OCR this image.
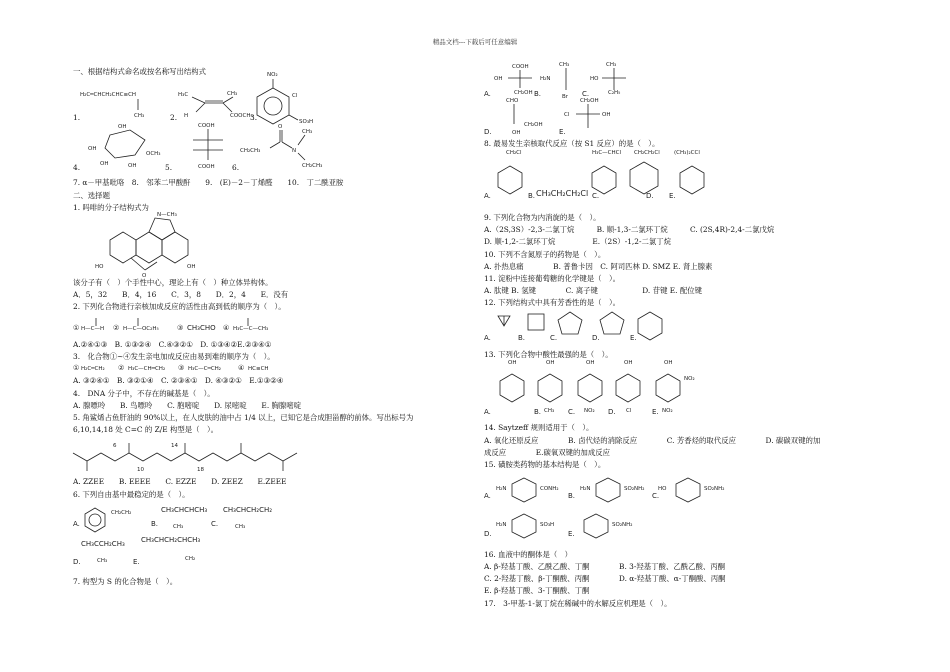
精品文档---下载后可任意编辑
一、根据结构式命名或按名称写出结构式
H₂C═CHCH₂CHC≡CH
CH₃
H₃C	CH₃
H	COOCH₃
NO₂
Cl
SO₃H
1.	2.	3.
OH
OH
OH	OH
OCH₃
COOH
COOH
CH₂CH₃
O
N
CH₃
CH₂CH₃
4.	5.	6.
7. α－甲基吡咯　8.　邻苯二甲酸酐　　9.　(E)－2－丁烯醛　　10.　丁二酰亚胺
二、选择题
1. 吗啡的分子结构式为
N—CH₃
HO
O
OH
该分子有（　）个手性中心，理论上有（　）种立体异构体。
A．5，32　　B．4，16　　C．3，8　　D．2，4　　E．没有
2. 下列化合物进行亲核加成反应的活性由高到低的顺序为（　）。
① H—C—H ② H—C—OC₂H₅	③ CH₃CHO ④ H₃C—C—CH₃
A.②④①③　B. ①③②④　C.④③②①　D. ①③④②E.②③④①
3.　化合物①~④发生亲电加成反应由易到难的顺序为（　）。
① H₂C═CH₂ ② H₃C—CH═CH₂ ③ H₃C—C═CH₂ ④ HC≡CH
A. ③②④①　B. ③②①④　C. ②③④①　D. ④③②①　E.①③②④
4.　DNA 分子中，不存在的碱基是（　）。
A. 腺嘌呤　　B. 鸟嘌呤　　C. 胞嘧啶　　D. 尿嘧啶　　E. 胸腺嘧啶
5. 角鲨烯占鱼肝油的 90%以上，在人皮肤的油中占 1/4 以上，已知它是合成胆甾醇的前体。写出标号为
6,10,14,18 处 C=C 的 Z/E 构型是（　）。
6
10
14
18
A. ZZEE　　B. EEEE　　C. EZZE　　D. ZEEZ　　E.ZEEE
6. 下列自由基中最稳定的是（　）。
A.
CH₂CH₂
B.
CH₃CHCHCH₃
CH₃	C.
CH₃CHCH₂CH₂
CH₃
D.
CH₃CCH₂CH₃
CH₃	E.
CH₃CHCH₂CHCH₃
CH₂
7. 构型为 S 的化合物是（　）。
A.
COOH
OH
CH₂OH B.
CH₃
H₂N
Br C.
CH₃
HO
C₂H₅
D.
CHO
OH
CH₂OH
E.
CH₂OH
Cl	OH
8. 最易发生亲核取代反应（按 S1 反应）的是（　）。
A.
CH₂Cl
CH₃CH₂CH₂Cl
B.	C.
H₃C—CHCl
D.
CH₂CH₂Cl
E.
(CH₃)₂CCl
9. 下列化合物为内消旋的是（　）。
A.（2S,3S）-2,3-二氯丁烷　　　B. 顺-1,3-二氯环丁烷　　　C. (2S,4R)-2,4-二氯戊烷
D. 顺-1,2-二氯环丁烷　　　　　E.（2S）-1,2-二氯丁烷
10. 下列不含氮原子的药物是（　）。
A. 扑热息痛　　　　B. 普鲁卡因　C. 阿司匹林 D. SMZ E. 肾上腺素
11. 淀粉中连接葡萄糖的化学键是（　）。
A. 肽键 B. 氢键　　　　C. 离子键　　　　　　D. 苷键 E. 配位键
12. 下列结构式中具有芳香性的是（　）。
A.	B.	C.	D.	E.
13. 下列化合物中酸性最强的是（　）。
A.
OH
B.
OH
CH₃ C.
OH
NO₂ D.
OH
Cl	E.
OH
NO₂
NO₂
14. Saytzeff 规则适用于（　）。
A. 氧化还原反应　　　　B. 卤代烃的消除反应　　　　C. 芳香烃的取代反应　　　　D. 碳碳双键的加
成反应　　　　E.碳氧双键的加成反应
15. 磺胺类药物的基本结构是（　）。
A.
H₂N	CONH₂
B.
H₂N	SO₂NH₂
C.
HO	SO₂NH₂
D.
H₂N	SO₃H
E.
SO₂NH₂
16. 血液中的酮体是（　）
A. β-羟基丁酸、乙酰乙酸、丁酮　　　　B. 3-羟基丁酸、乙酰乙酸、丙酮
C. 2-羟基丁酸、β-丁酮酸、丙酮　　　　D. α-羟基丁酸、α-丁酮酸、丙酮
E. β-羟基丁酸、3-丁酮酸、丁酮
17.　3-甲基-1-氯丁烷在稀碱中的水解反应机理是（　）。
